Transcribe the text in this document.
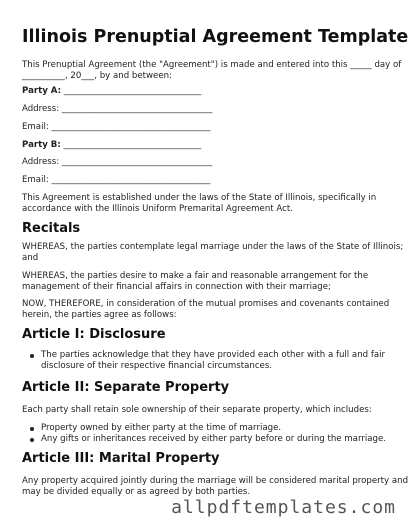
Illinois Prenuptial Agreement Template

This Prenuptial Agreement (the "Agreement") is made and entered into this _____ day of

__________, 20___, by and between:

Party A: ________________________________

Address: ___________________________________

Email: _____________________________________

Party B: ________________________________

Address: ___________________________________

Email: _____________________________________

This Agreement is established under the laws of the State of Illinois, specifically in

accordance with the Illinois Uniform Premarital Agreement Act.

Recitals

WHEREAS, the parties contemplate legal marriage under the laws of the State of Illinois;

and

WHEREAS, the parties desire to make a fair and reasonable arrangement for the

management of their financial affairs in connection with their marriage;

NOW, THEREFORE, in consideration of the mutual promises and covenants contained

herein, the parties agree as follows:

Article I: Disclosure
The parties acknowledge that they have provided each other with a full and fair
disclosure of their respective financial circumstances.
Article II: Separate Property

Each party shall retain sole ownership of their separate property, which includes:

Property owned by either party at the time of marriage.
Any gifts or inheritances received by either party before or during the marriage.
Article III: Marital Property

Any property acquired jointly during the marriage will be considered marital property and

may be divided equally or as agreed by both parties.

allpdftemplates.com
